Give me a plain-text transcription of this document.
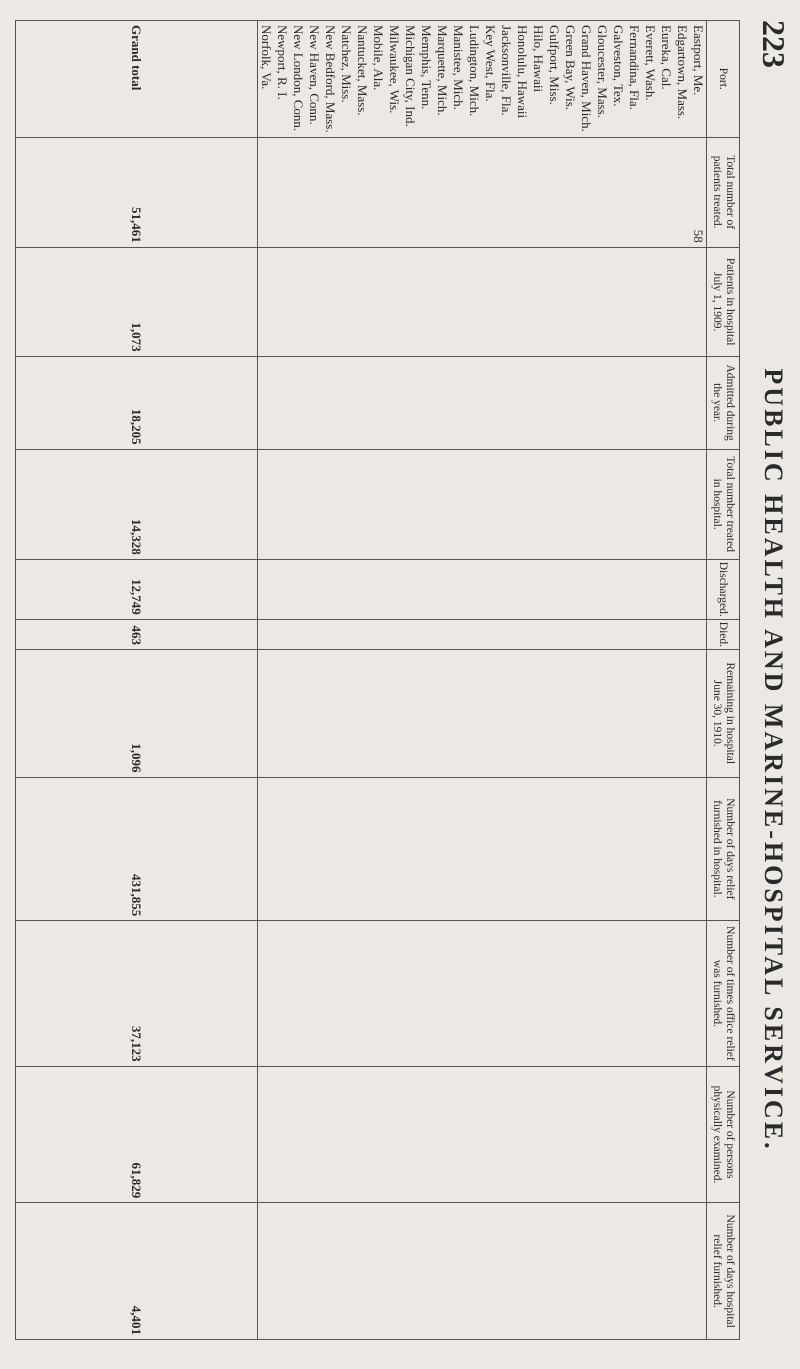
223
PUBLIC HEALTH AND MARINE-HOSPITAL SERVICE.
Port.	Total number of patients treated.	Patients in hospital July 1, 1909.	Admitted during the year.	Total number treated in hospital.	Discharged.	Died.	Remaining in hospital June 30, 1910.	Number of days relief furnished in hospital.	Number of times office relief was furnished.	Number of persons physically examined.	Number of days hospital relief furnished.
Eastport, Me.	58										
Edgartown, Mass.											
Eureka, Cal.											
Everett, Wash.											
Fernandina, Fla.											
Galveston, Tex.											
Gloucester, Mass.											
Grand Haven, Mich.											
Green Bay, Wis.											
Gulfport, Miss.											
Hilo, Hawaii											
Honolulu, Hawaii											
Jacksonville, Fla.											
Key West, Fla.											
Ludington, Mich.											
Manistee, Mich.											
Marquette, Mich.											
Memphis, Tenn.											
Michigan City, Ind.											
Milwaukee, Wis.											
Mobile, Ala.											
Nantucket, Mass.											
Natchez, Miss.											
New Bedford, Mass.											
New Haven, Conn.											
New London, Conn.											
Newport, R. I.											
Norfolk, Va.											
Grand total	51,461	1,073	18,205	14,328	12,749	463	1,096	431,855	37,123	61,829	4,401
